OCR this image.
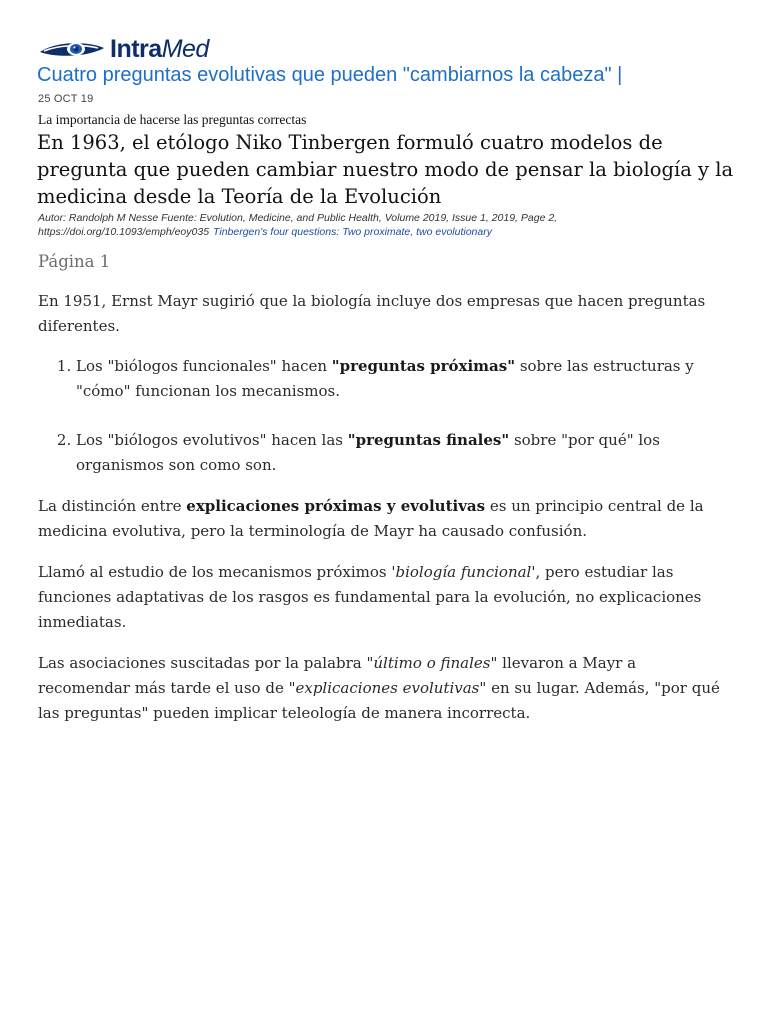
IntraMed
Cuatro preguntas evolutivas que pueden "cambiarnos la cabeza" |
25 OCT 19
La importancia de hacerse las preguntas correctas
En 1963, el etólogo Niko Tinbergen formuló cuatro modelos de pregunta que pueden cambiar nuestro modo de pensar la biología y la medicina desde la Teoría de la Evolución
Autor: Randolph M Nesse Fuente: Evolution, Medicine, and Public Health, Volume 2019, Issue 1, 2019, Page 2, https://doi.org/10.1093/emph/eoy035 Tinbergen's four questions: Two proximate, two evolutionary
Página 1

En 1951, Ernst Mayr sugirió que la biología incluye dos empresas que hacen preguntas diferentes.

1. Los "biólogos funcionales" hacen "preguntas próximas" sobre las estructuras y "cómo" funcionan los mecanismos.
2. Los "biólogos evolutivos" hacen las "preguntas finales" sobre "por qué" los organismos son como son.

La distinción entre explicaciones próximas y evolutivas es un principio central de la medicina evolutiva, pero la terminología de Mayr ha causado confusión.

Llamó al estudio de los mecanismos próximos 'biología funcional', pero estudiar las funciones adaptativas de los rasgos es fundamental para la evolución, no explicaciones inmediatas.

Las asociaciones suscitadas por la palabra "último o finales" llevaron a Mayr a recomendar más tarde el uso de "explicaciones evolutivas" en su lugar. Además, "por qué las preguntas" pueden implicar teleología de manera incorrecta.
